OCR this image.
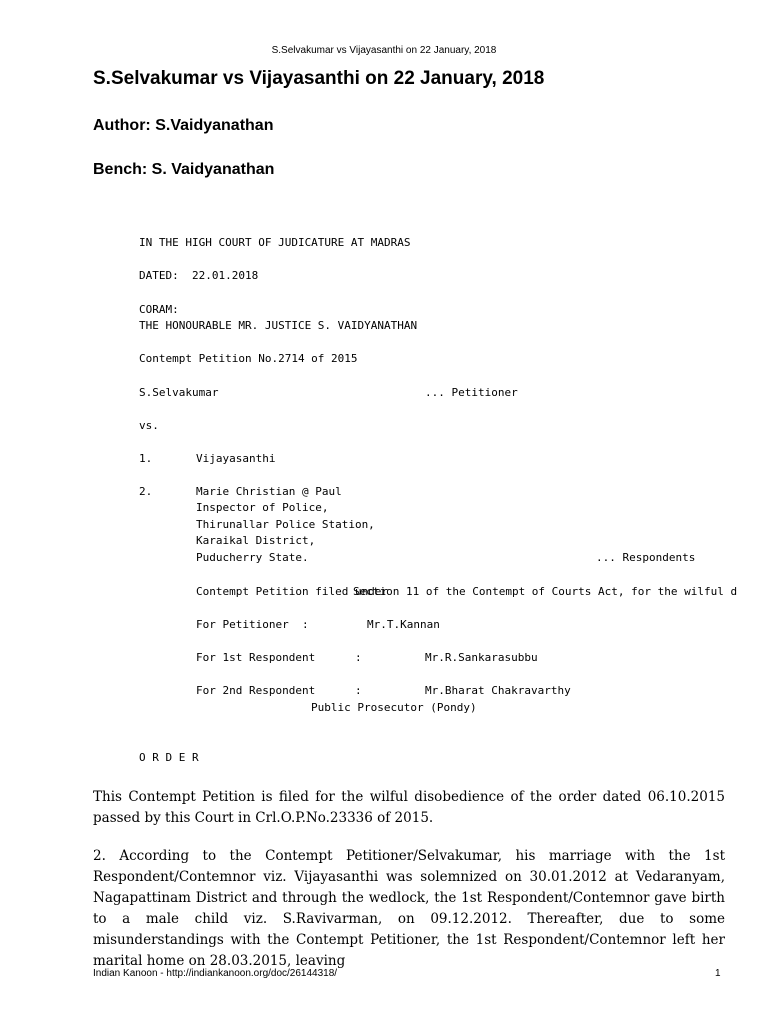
S.Selvakumar vs Vijayasanthi on 22 January, 2018
S.Selvakumar vs Vijayasanthi on 22 January, 2018
Author: S.Vaidyanathan
Bench: S. Vaidyanathan
IN THE HIGH COURT OF JUDICATURE AT MADRAS
DATED:  22.01.2018
CORAM:
THE HONOURABLE MR. JUSTICE S. VAIDYANATHAN
Contempt Petition No.2714 of 2015
S.Selvakumar	... Petitioner
vs.
1.	Vijayasanthi
2.	Marie Christian @ Paul
Inspector of Police,
Thirunallar Police Station,
Karaikal District,
Puducherry State.	... Respondents
Contempt Petition filed under
Section 11 of the Contempt of Courts Act, for the wilful d
For Petitioner  :	Mr.T.Kannan
For 1st Respondent      :	Mr.R.Sankarasubbu
For 2nd Respondent      :	Mr.Bharat Chakravarthy
Public Prosecutor (Pondy)
O R D E R

This Contempt Petition is filed for the wilful disobedience of the order dated 06.10.2015 passed by this Court in Crl.O.P.No.23336 of 2015.

2. According to the Contempt Petitioner/Selvakumar, his marriage with the 1st Respondent/Contemnor viz. Vijayasanthi was solemnized on 30.01.2012 at Vedaranyam, Nagapattinam District and through the wedlock, the 1st Respondent/Contemnor gave birth to a male child viz. S.Ravivarman, on 09.12.2012. Thereafter, due to some misunderstandings with the Contempt Petitioner, the 1st Respondent/Contemnor left her marital home on 28.03.2015, leaving

Indian Kanoon - http://indiankanoon.org/doc/26144318/	1
